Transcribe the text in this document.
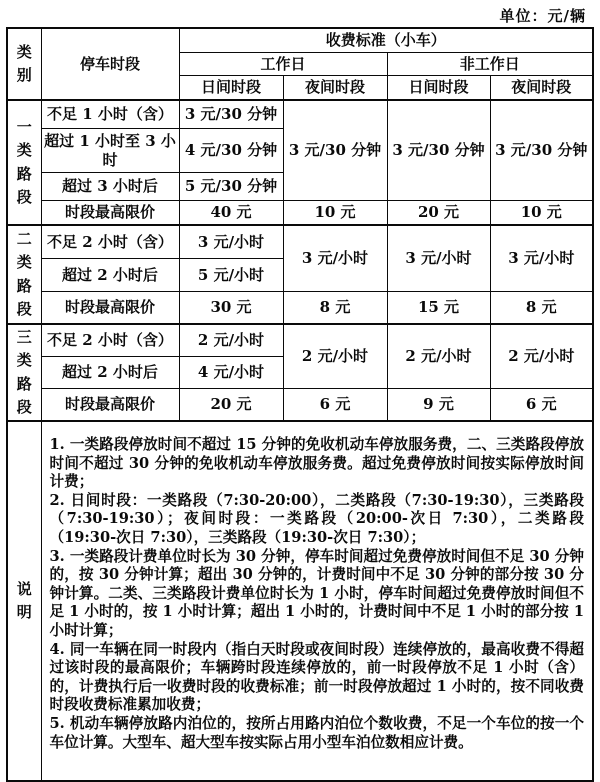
单位：元/辆
类别	停车时段	收费标准（小车）			
		工作日		非工作日	
		日间时段	夜间时段	日间时段	夜间时段
一类路段	不足 1 小时（含）	3 元/30 分钟	3 元/30 分钟	3 元/30 分钟	3 元/30 分钟
	超过 1 小时至 3 小时	4 元/30 分钟			
	超过 3 小时后	5 元/30 分钟			
	时段最高限价	40 元	10 元	20 元	10 元
二类路段	不足 2 小时（含）	3 元/小时	3 元/小时	3 元/小时	3 元/小时
	超过 2 小时后	5 元/小时			
	时段最高限价	30 元	8 元	15 元	8 元
三类路段	不足 2 小时（含）	2 元/小时	2 元/小时	2 元/小时	2 元/小时
	超过 2 小时后	4 元/小时			
	时段最高限价	20 元	6 元	9 元	6 元
说明	1. 一类路段停放时间不超过 15 分钟的免收机动车停放服务费，二、三类路段停放时间不超过 30 分钟的免收机动车停放服务费。超过免费停放时间按实际停放时间计费；

2. 日间时段：一类路段（7:30-20:00），二类路段（7:30-19:30），三类路段（7:30-19:30）；夜间时段：一类路段（20:00-次日 7:30），二类路段（19:30-次日 7:30），三类路段（19:30-次日 7:30）；

3. 一类路段计费单位时长为 30 分钟，停车时间超过免费停放时间但不足 30 分钟的，按 30 分钟计算；超出 30 分钟的，计费时间中不足 30 分钟的部分按 30 分钟计算。二类、三类路段计费单位时长为 1 小时，停车时间超过免费停放时间但不足 1 小时的，按 1 小时计算；超出 1 小时的，计费时间中不足 1 小时的部分按 1 小时计算；

4. 同一车辆在同一时段内（指白天时段或夜间时段）连续停放的，最高收费不得超过该时段的最高限价；车辆跨时段连续停放的，前一时段停放不足 1 小时（含）的，计费执行后一收费时段的收费标准；前一时段停放超过 1 小时的，按不同收费时段收费标准累加收费；

5. 机动车辆停放路内泊位的，按所占用路内泊位个数收费，不足一个车位的按一个车位计算。大型车、超大型车按实际占用小型车泊位数相应计费。				
